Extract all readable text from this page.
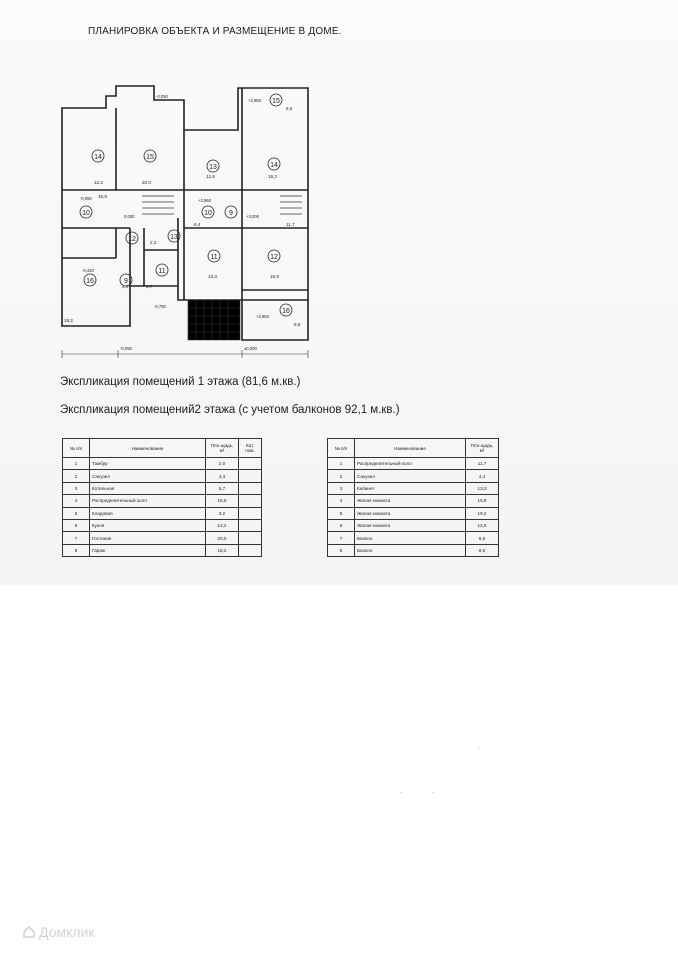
ПЛАНИРОВКА ОБЪЕКТА И РАЗМЕЩЕНИЕ В ДОМЕ.
14	15
13	14
15
10	10 9
12	13
11	12
16	9
11
16
12,2	20,0
12,6	19,2
6,5
16,9
2,2
6,4	11,7
13,3	15,9
18,2
4,0	5,7
8,5
-0,050
+2,950
-0,050	+2,960
0,000	+3,000
-0,420
-0,750
+2,950
-0,050	±0,000
Экспликация помещений 1 этажа (81,6 м.кв.)
Экспликация помещений2 этажа (с учетом балконов 92,1 м.кв.)
№ п/п	Наименование	Пло-щадь, м²	Кат. пом.
1	Тамбур	2,0	
2	Санузел	4,4	
3	Котельная	5,7	
4	Распределительный холл	16,9	
5	Кладовая	3,2	
6	Кухня	12,2	
7	Гостиная	20,0	
8	Гараж	18,2	
№ п/п	Наименование	Пло-щадь, м²
1	Распределительный холл	11,7
2	Санузел	4,4
3	Кабинет	13,3
4	Жилая комната	15,9
5	Жилая комната	19,2
6	Жилая комната	12,6
7	Балкон	6,6
8	Балкон	8,6
·	·
·
Домклик
